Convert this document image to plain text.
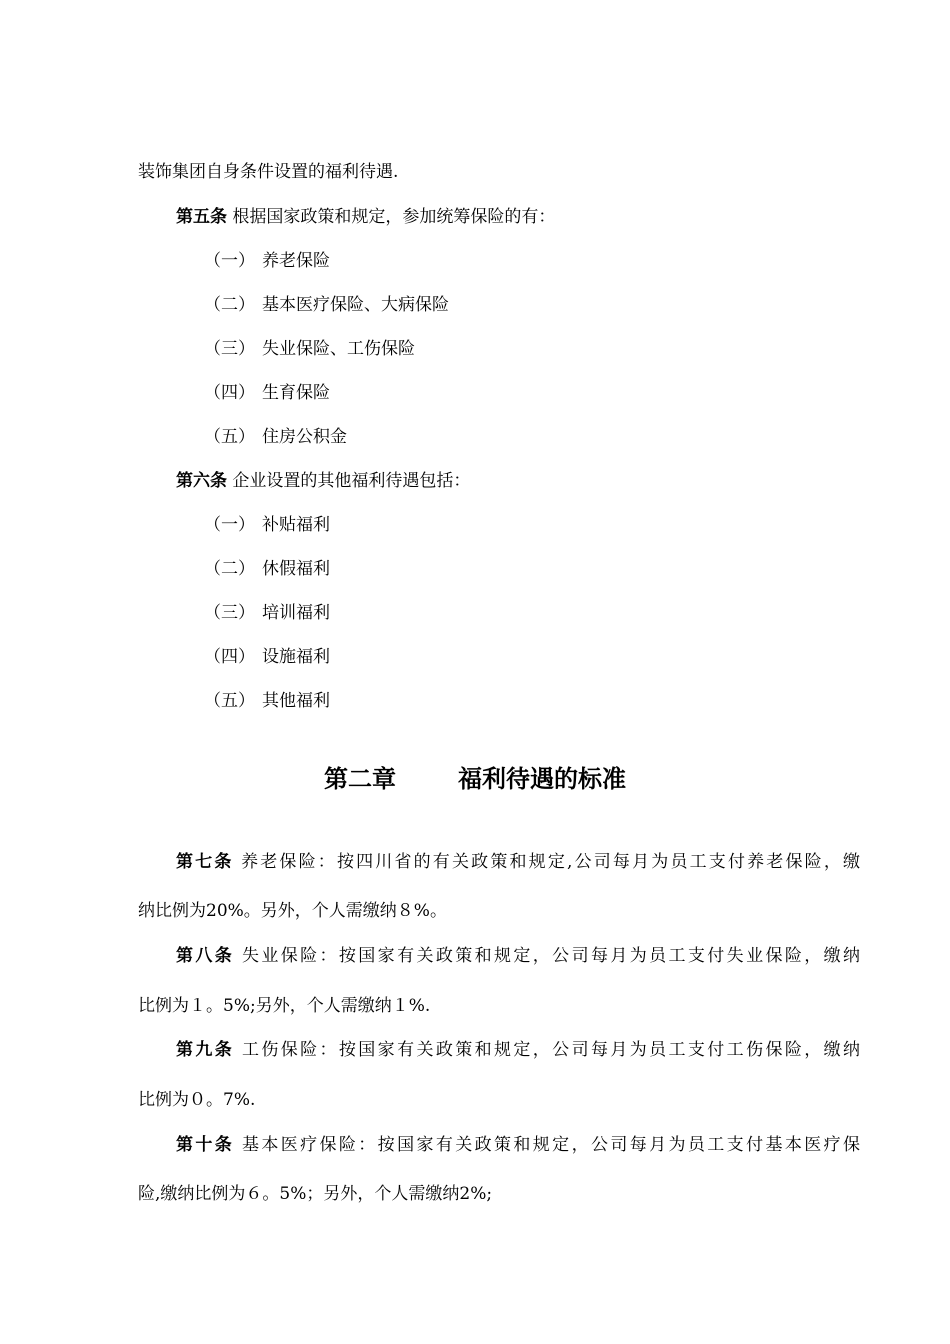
装饰集团自身条件设置的福利待遇.
第五条 根据国家政策和规定，参加统筹保险的有：
（一） 养老保险
（二） 基本医疗保险、大病保险
（三） 失业保险、工伤保险
（四） 生育保险
（五） 住房公积金
第六条 企业设置的其他福利待遇包括：
（一） 补贴福利
（二） 休假福利
（三） 培训福利
（四） 设施福利
（五） 其他福利
第二章	福利待遇的标准
第七条 养老保险：按四川省的有关政策和规定,公司每月为员工支付养老保险，缴
纳比例为20%。另外，个人需缴纳８%。
第八条 失业保险：按国家有关政策和规定，公司每月为员工支付失业保险，缴纳
比例为１。5%;另外，个人需缴纳１%.
第九条 工伤保险：按国家有关政策和规定，公司每月为员工支付工伤保险，缴纳
比例为０。7%.
第十条 基本医疗保险：按国家有关政策和规定，公司每月为员工支付基本医疗保
险,缴纳比例为６。5%；另外，个人需缴纳2%;
